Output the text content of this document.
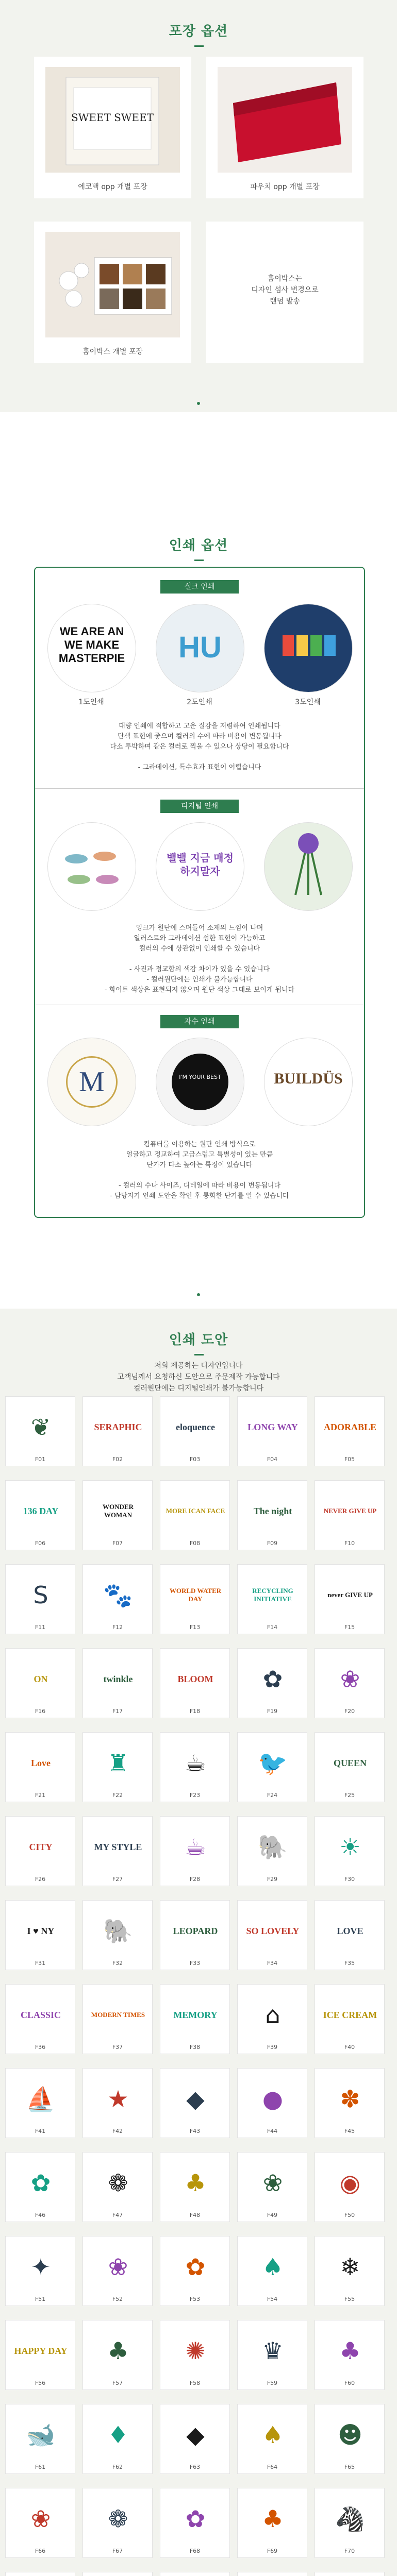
포장 옵션
SWEET SWEET
에코백 opp 개별 포장	파우치 opp 개별 포장
홈이박스 개별 포장
홈이박스는
디자인 섬사 변경으로
랜덤 발송
인쇄 옵션
실크 인쇄
WE ARE AN WE MAKE MASTERPIE
1도인쇄
HU
2도인쇄	3도인쇄
대량 인쇄에 적합하고 고운 질감을 저렴하여 인쇄됩니다
단색 표현에 좋으며 컬러의 수에 따라 비용이 변동됩니다
다소 투박하며 같은 컬러로 찍을 수 있으나 상당이 필요합니다
- 그라데이션, 특수효과 표현이 어렵습니다
디지털 인쇄
밸밸 지금 매정하지말자
잉크가 원단에 스며들어 소재의 느낌이 나며
일러스트와 그라데이션 섬한 표현이 가능하고
컬러의 수에 상관없이 인쇄할 수 있습니다
- 사진과 정교함의 색감 차이가 있을 수 있습니다
- 컬러원단에는 인쇄가 불가능합니다
- 화이트 색상은 표현되지 않으며 원단 색상 그대로 보이게 됩니다
자수 인쇄
M	I'M YOUR BEST	BUILDÜS
컴퓨터를 이용하는 원단 인쇄 방식으로
얼굴하고 정교하여 고급스럽고 특별성이 있는 만큼
단가가 다소 높아는 특징이 있습니다
- 컬러의 수나 사이즈, 디테일에 따라 비용이 변동됩니다
- 담당자가 인쇄 도안을 확인 후 통화한 단가를 알 수 있습니다
인쇄 도안
저희 제공하는 디자인입니다
고객님께서 요청하신 도안으로 주문제작 가능합니다
컬러원단에는 디지털인쇄가 불가능합니다
❦
F01
SERAPHIC
F02
eloquence
F03
LONG WAY
F04
ADORABLE
F05
136 DAY
F06
WONDER WOMAN
F07
MORE ICAN FACE
F08
The night
F09
NEVER GIVE UP
F10
S
F11
🐾
F12
WORLD WATER DAY
F13
RECYCLING INITIATIVE
F14
never GIVE UP
F15
ON
F16
twinkle
F17
BLOOM
F18
✿
F19
❀
F20
Love
F21
♜
F22
☕
F23
🐦
F24
QUEEN
F25
CITY
F26
MY STYLE
F27
☕
F28
🐘
F29
☀
F30
I ♥ NY
F31
🐘
F32
LEOPARD
F33
SO LOVELY
F34
LOVE
F35
CLASSIC
F36
MODERN TIMES
F37
MEMORY
F38
⌂
F39
ICE CREAM
F40
⛵
F41
★
F42
◆
F43
●
F44
✽
F45
✿
F46
❁
F47
♣
F48
❀
F49
◉
F50
✦
F51
❀
F52
✿
F53
♠
F54
❄
F55
HAPPY DAY
F56
♣
F57
✺
F58
♛
F59
♣
F60
🐋
F61
♦
F62
◆
F63
♠
F64
☻
F65
❀
F66
❁
F67
✿
F68
♣
F69
🦓
F70
